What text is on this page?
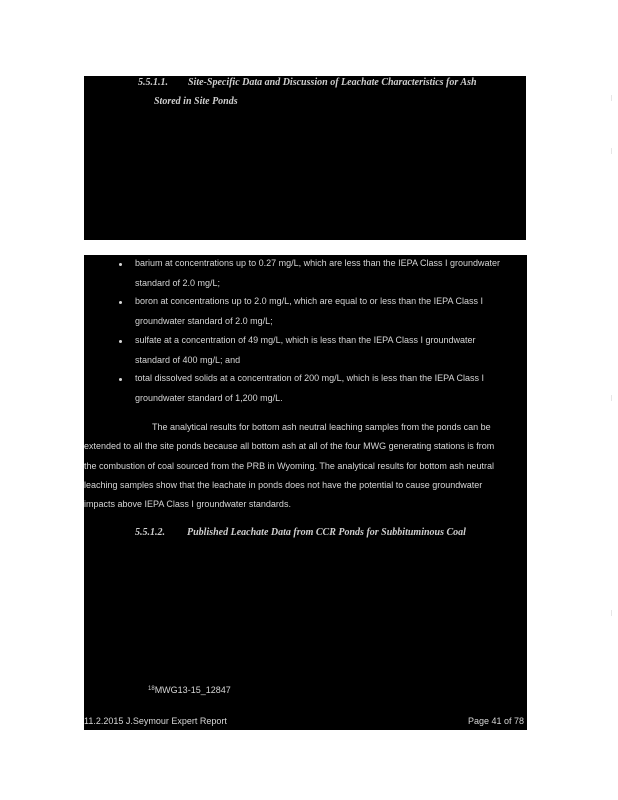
5.5.1.1. Site-Specific Data and Discussion of Leachate Characteristics for Ash
Stored in Site Ponds
barium at concentrations up to 0.27 mg/L, which are less than the IEPA Class I groundwater
standard of 2.0 mg/L;
boron at concentrations up to 2.0 mg/L, which are equal to or less than the IEPA Class I
groundwater standard of 2.0 mg/L;
sulfate at a concentration of 49 mg/L, which is less than the IEPA Class I groundwater
standard of 400 mg/L; and
total dissolved solids at a concentration of 200 mg/L, which is less than the IEPA Class I
groundwater standard of 1,200 mg/L.
The analytical results for bottom ash neutral leaching samples from the ponds can be
extended to all the site ponds because all bottom ash at all of the four MWG generating stations is from
the combustion of coal sourced from the PRB in Wyoming. The analytical results for bottom ash neutral
leaching samples show that the leachate in ponds does not have the potential to cause groundwater
impacts above IEPA Class I groundwater standards.
5.5.1.2. Published Leachate Data from CCR Ponds for Subbituminous Coal
$^{18}$MWG13-15_12847
11.2.2015 J.Seymour Expert Report	Page 41 of 78
